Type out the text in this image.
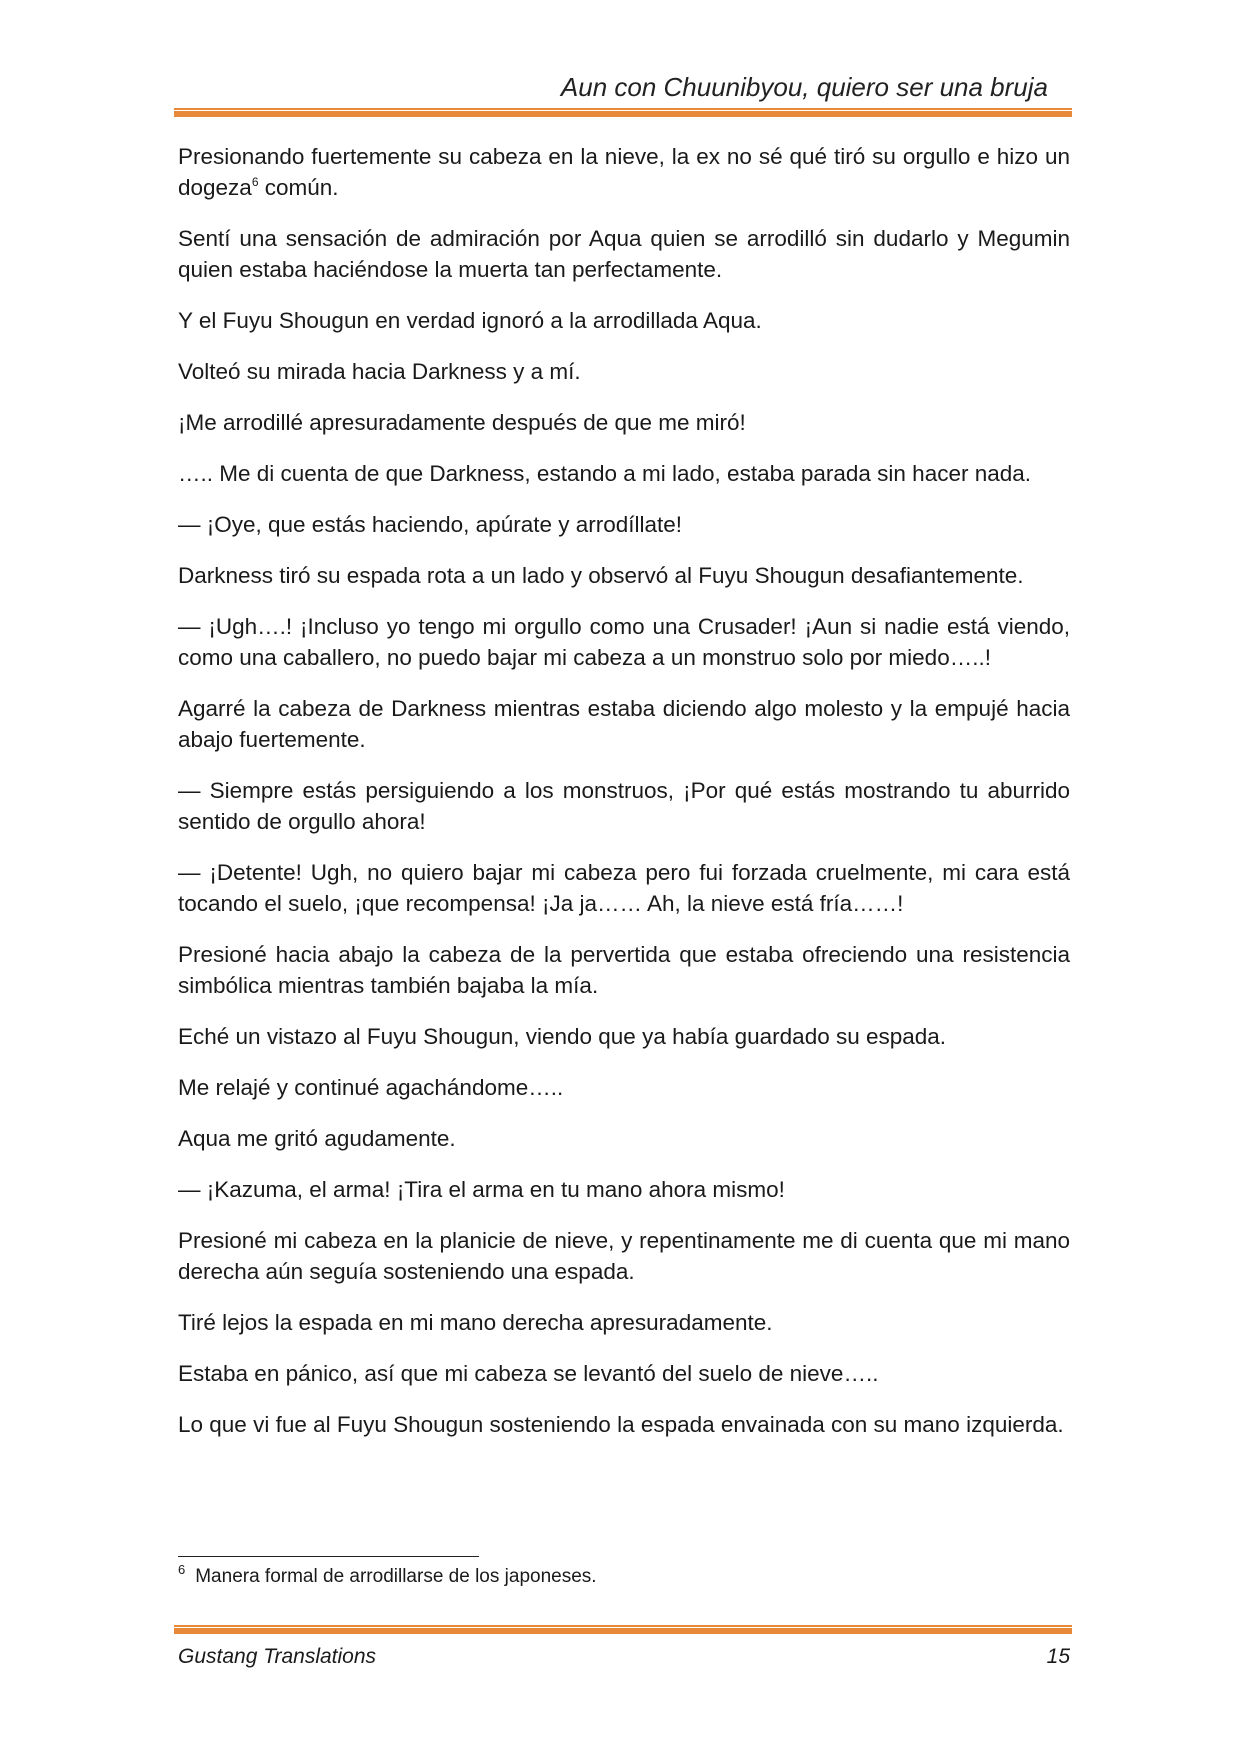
Aun con Chuunibyou, quiero ser una bruja

Presionando fuertemente su cabeza en la nieve, la ex no sé qué tiró su orgullo e hizo un dogeza$^6$ común.

Sentí una sensación de admiración por Aqua quien se arrodilló sin dudarlo y Megumin quien estaba haciéndose la muerta tan perfectamente.

Y el Fuyu Shougun en verdad ignoró a la arrodillada Aqua.

Volteó su mirada hacia Darkness y a mí.

¡Me arrodillé apresuradamente después de que me miró!

….. Me di cuenta de que Darkness, estando a mi lado, estaba parada sin hacer nada.

— ¡Oye, que estás haciendo, apúrate y arrodíllate!

Darkness tiró su espada rota a un lado y observó al Fuyu Shougun desafiantemente.

— ¡Ugh….! ¡Incluso yo tengo mi orgullo como una Crusader! ¡Aun si nadie está viendo, como una caballero, no puedo bajar mi cabeza a un monstruo solo por miedo…..!

Agarré la cabeza de Darkness mientras estaba diciendo algo molesto y la empujé hacia abajo fuertemente.

— Siempre estás persiguiendo a los monstruos, ¡Por qué estás mostrando tu aburrido sentido de orgullo ahora!

— ¡Detente! Ugh, no quiero bajar mi cabeza pero fui forzada cruelmente, mi cara está tocando el suelo, ¡que recompensa! ¡Ja ja…… Ah, la nieve está fría……!

Presioné hacia abajo la cabeza de la pervertida que estaba ofreciendo una resistencia simbólica mientras también bajaba la mía.

Eché un vistazo al Fuyu Shougun, viendo que ya había guardado su espada.

Me relajé y continué agachándome…..

Aqua me gritó agudamente.

— ¡Kazuma, el arma! ¡Tira el arma en tu mano ahora mismo!

Presioné mi cabeza en la planicie de nieve, y repentinamente me di cuenta que mi mano derecha aún seguía sosteniendo una espada.

Tiré lejos la espada en mi mano derecha apresuradamente.

Estaba en pánico, así que mi cabeza se levantó del suelo de nieve…..

Lo que vi fue al Fuyu Shougun sosteniendo la espada envainada con su mano izquierda.

$^6$ Manera formal de arrodillarse de los japoneses.
Gustang Translations	15
